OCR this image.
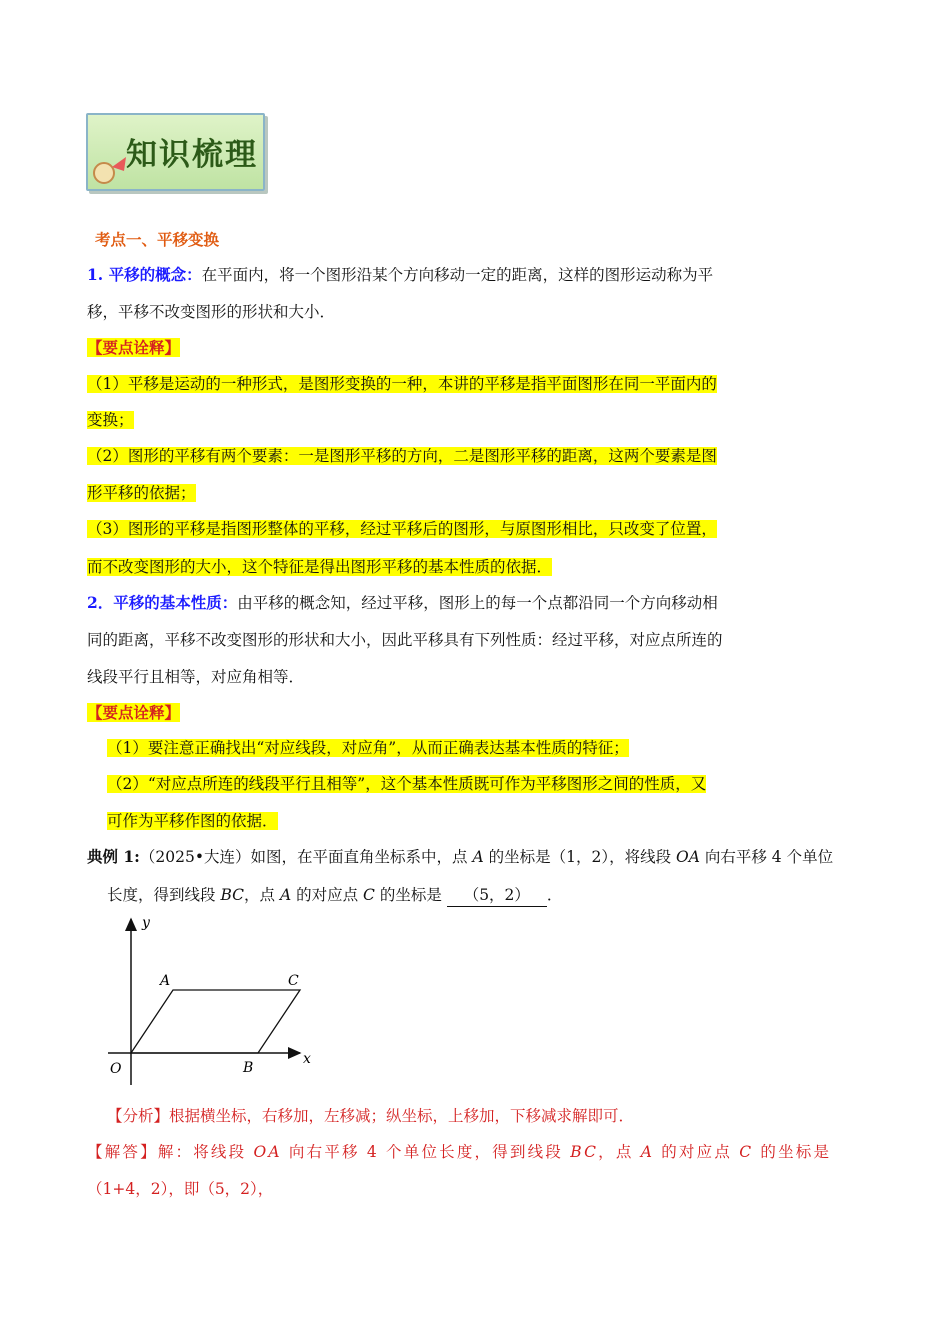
知识梳理
考点一、平移变换
1. 平移的概念：在平面内，将一个图形沿某个方向移动一定的距离，这样的图形运动称为平
移，平移不改变图形的形状和大小．
【要点诠释】
（1）平移是运动的一种形式，是图形变换的一种，本讲的平移是指平面图形在同一平面内的
变换；
（2）图形的平移有两个要素：一是图形平移的方向，二是图形平移的距离，这两个要素是图
形平移的依据；
（3）图形的平移是指图形整体的平移，经过平移后的图形，与原图形相比，只改变了位置，
而不改变图形的大小，这个特征是得出图形平移的基本性质的依据．
2．平移的基本性质：由平移的概念知，经过平移，图形上的每一个点都沿同一个方向移动相
同的距离，平移不改变图形的形状和大小，因此平移具有下列性质：经过平移，对应点所连的
线段平行且相等，对应角相等．
【要点诠释】
（1）要注意正确找出“对应线段，对应角”，从而正确表达基本性质的特征；
（2）“对应点所连的线段平行且相等”，这个基本性质既可作为平移图形之间的性质，又
可作为平移作图的依据．
典例 1:（2025•大连）如图，在平面直角坐标系中，点 A 的坐标是（1，2），将线段 OA 向右平移 4 个单位
长度，得到线段 BC，点 A 的对应点 C 的坐标是 （5，2） ．
y
x
O
A	C
B
【分析】根据横坐标，右移加，左移减；纵坐标，上移加，下移减求解即可．
【解答】解：将线段 OA 向右平移 4 个单位长度，得到线段 BC，点 A 的对应点 C 的坐标是
（1+4，2），即（5，2），
